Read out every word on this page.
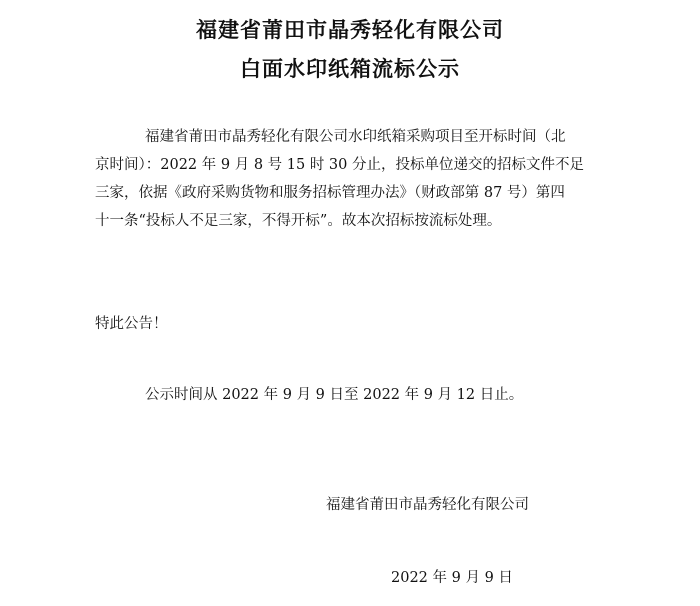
福建省莆田市晶秀轻化有限公司
白面水印纸箱流标公示
福建省莆田市晶秀轻化有限公司水印纸箱采购项目至开标时间（北
京时间）：2022 年 9 月 8 号 15 时 30 分止，投标单位递交的招标文件不足
三家，依据《政府采购货物和服务招标管理办法》（财政部第 87 号）第四
十一条“投标人不足三家，不得开标”。故本次招标按流标处理。
特此公告！
公示时间从 2022 年 9 月 9 日至 2022 年 9 月 12 日止。
福建省莆田市晶秀轻化有限公司
2022 年 9 月 9 日
